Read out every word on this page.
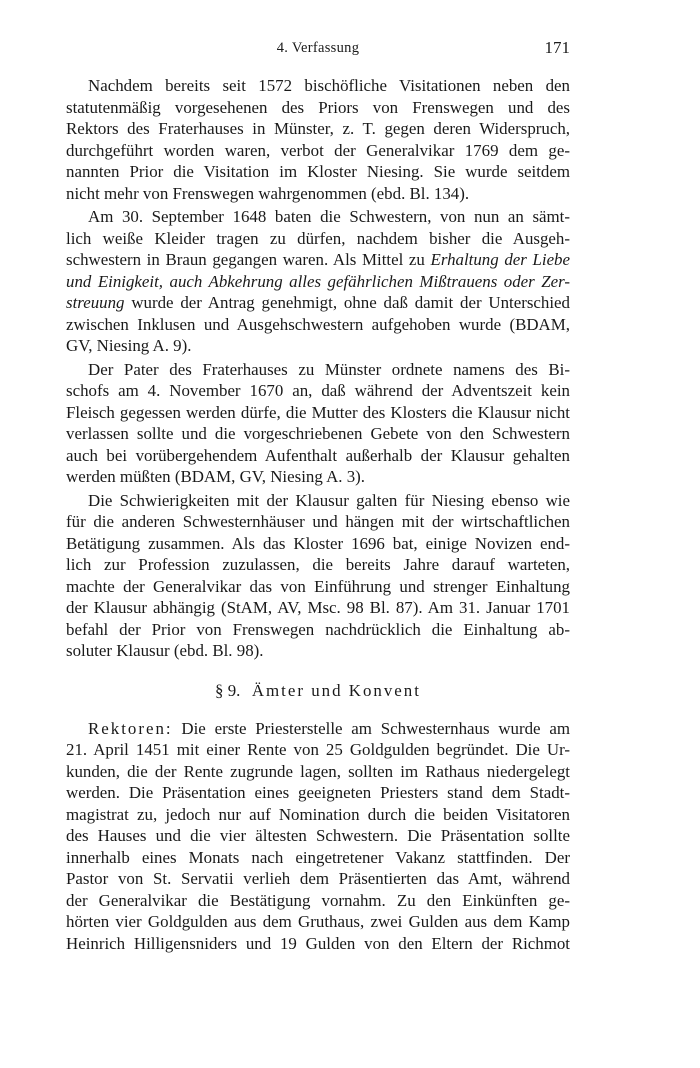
4. Verfassung	171

Nachdem bereits seit 1572 bischöfliche Visitationen neben den

statutenmäßig vorgesehenen des Priors von Frenswegen und des

Rektors des Fraterhauses in Münster, z. T. gegen deren Widerspruch,

durchgeführt worden waren, verbot der Generalvikar 1769 dem ge-

nannten Prior die Visitation im Kloster Niesing. Sie wurde seitdem

nicht mehr von Frenswegen wahrgenommen (ebd. Bl. 134).

Am 30. September 1648 baten die Schwestern, von nun an sämt-

lich weiße Kleider tragen zu dürfen, nachdem bisher die Ausgeh-

schwestern in Braun gegangen waren. Als Mittel zu Erhaltung der Liebe

und Einigkeit, auch Abkehrung alles gefährlichen Mißtrauens oder Zer-

streuung wurde der Antrag genehmigt, ohne daß damit der Unterschied

zwischen Inklusen und Ausgehschwestern aufgehoben wurde (BDAM,

GV, Niesing A. 9).

Der Pater des Fraterhauses zu Münster ordnete namens des Bi-

schofs am 4. November 1670 an, daß während der Adventszeit kein

Fleisch gegessen werden dürfe, die Mutter des Klosters die Klausur nicht

verlassen sollte und die vorgeschriebenen Gebete von den Schwestern

auch bei vorübergehendem Aufenthalt außerhalb der Klausur gehalten

werden müßten (BDAM, GV, Niesing A. 3).

Die Schwierigkeiten mit der Klausur galten für Niesing ebenso wie

für die anderen Schwesternhäuser und hängen mit der wirtschaftlichen

Betätigung zusammen. Als das Kloster 1696 bat, einige Novizen end-

lich zur Profession zuzulassen, die bereits Jahre darauf warteten,

machte der Generalvikar das von Einführung und strenger Einhaltung

der Klausur abhängig (StAM, AV, Msc. 98 Bl. 87). Am 31. Januar 1701

befahl der Prior von Frenswegen nachdrücklich die Einhaltung ab-

soluter Klausur (ebd. Bl. 98).

§ 9. Ämter und Konvent

Rektoren: Die erste Priesterstelle am Schwesternhaus wurde am

21. April 1451 mit einer Rente von 25 Goldgulden begründet. Die Ur-

kunden, die der Rente zugrunde lagen, sollten im Rathaus niedergelegt

werden. Die Präsentation eines geeigneten Priesters stand dem Stadt-

magistrat zu, jedoch nur auf Nomination durch die beiden Visitatoren

des Hauses und die vier ältesten Schwestern. Die Präsentation sollte

innerhalb eines Monats nach eingetretener Vakanz stattfinden. Der

Pastor von St. Servatii verlieh dem Präsentierten das Amt, während

der Generalvikar die Bestätigung vornahm. Zu den Einkünften ge-

hörten vier Goldgulden aus dem Gruthaus, zwei Gulden aus dem Kamp

Heinrich Hilligensniders und 19 Gulden von den Eltern der Richmot
